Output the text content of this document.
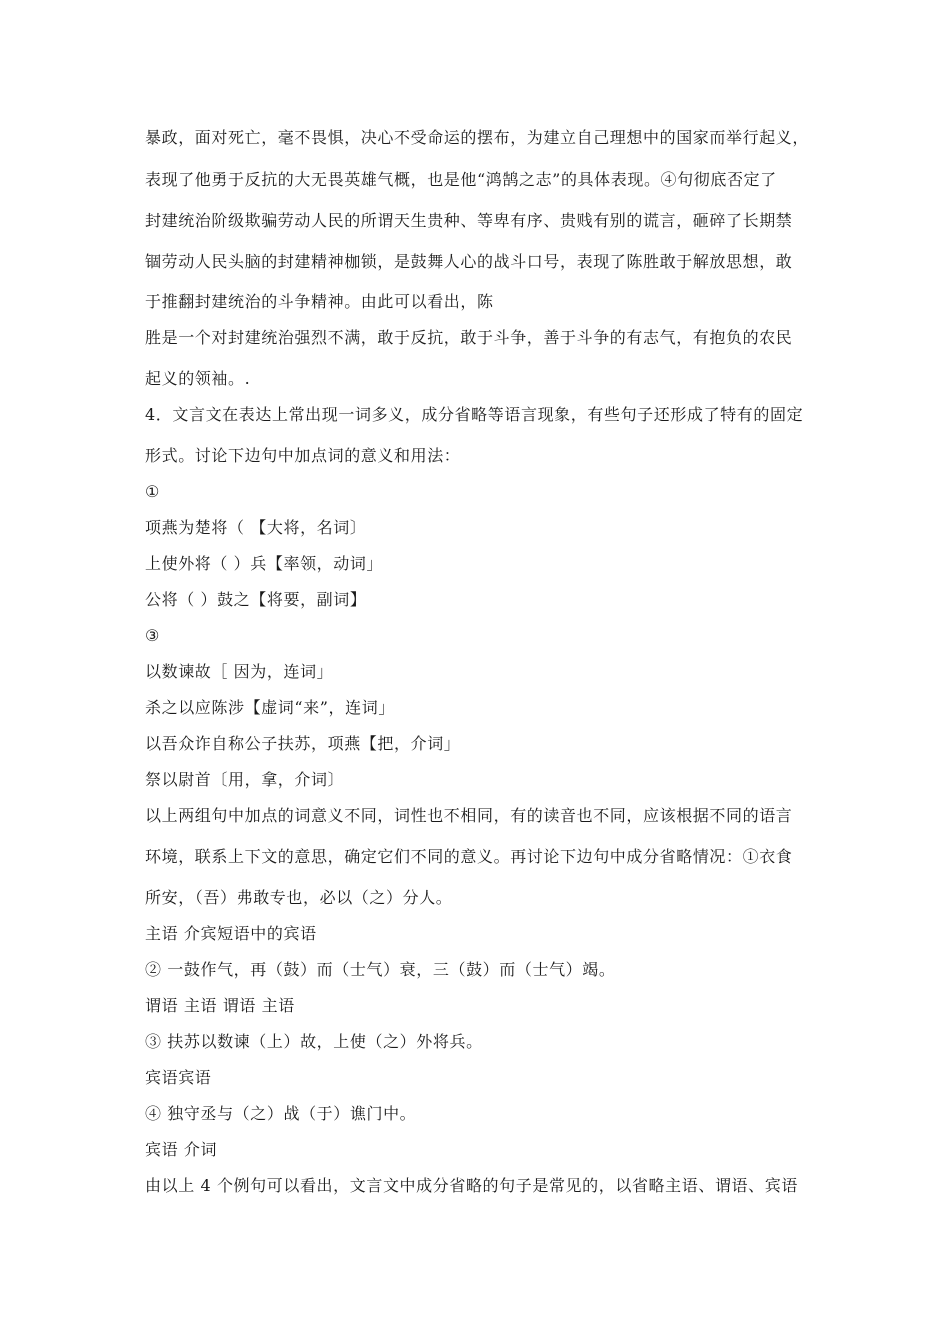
暴政，面对死亡，毫不畏惧，决心不受命运的摆布，为建立自己理想中的国家而举行起义，
表现了他勇于反抗的大无畏英雄气概，也是他“鸿鹄之志”的具体表现。④句彻底否定了
封建统治阶级欺骗劳动人民的所谓天生贵种、等卑有序、贵贱有别的谎言，砸碎了长期禁
锢劳动人民头脑的封建精神枷锁，是鼓舞人心的战斗口号，表现了陈胜敢于解放思想，敢
于推翻封建统治的斗争精神。由此可以看出，陈
胜是一个对封建统治强烈不满，敢于反抗，敢于斗争，善于斗争的有志气，有抱负的农民
起义的领袖。.
4．文言文在表达上常出现一词多义，成分省略等语言现象，有些句子还形成了特有的固定
形式。讨论下边句中加点词的意义和用法：
①
项燕为楚将（ 【大将，名词〕
上使外将（ ）兵【率领，动词」
公将（ ）鼓之【将要，副词】
③
以数谏故［ 因为，连词」
杀之以应陈涉【虚词“来”，连词」
以吾众诈自称公子扶苏，项燕【把，介词」
祭以尉首〔用，拿，介词〕
以上两组句中加点的词意义不同，词性也不相同，有的读音也不同，应该根据不同的语言
环境，联系上下文的意思，确定它们不同的意义。再讨论下边句中成分省略情况：①衣食
所安，（吾）弗敢专也，必以（之）分人。
主语 介宾短语中的宾语
② 一鼓作气，再（鼓）而（士气）衰，三（鼓）而（士气）竭。
谓语 主语 谓语 主语
③ 扶苏以数谏（上）故，上使（之）外将兵。
宾语宾语
④ 独守丞与（之）战（于）谯门中。
宾语 介词
由以上 4 个例句可以看出，文言文中成分省略的句子是常见的，以省略主语、谓语、宾语
